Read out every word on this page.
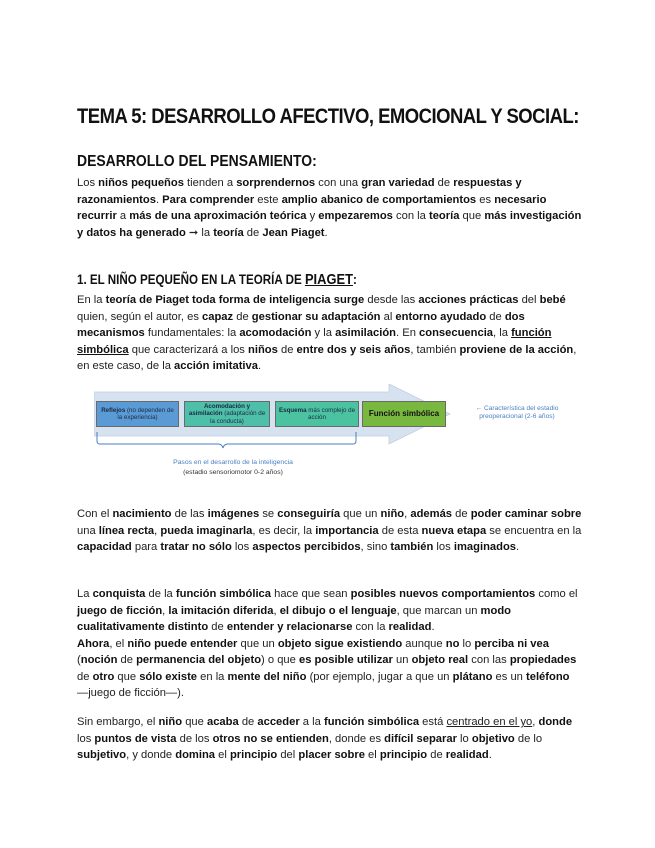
TEMA 5: DESARROLLO AFECTIVO, EMOCIONAL Y SOCIAL:
DESARROLLO DEL PENSAMIENTO:

Los niños pequeños tienden a sorprendernos con una gran variedad de respuestas y razonamientos. Para comprender este amplio abanico de comportamientos es necesario recurrir a más de una aproximación teórica y empezaremos con la teoría que más investigación y datos ha generado ➞ la teoría de Jean Piaget.

1. EL NIÑO PEQUEÑO EN LA TEORÍA DE PIAGET:

En la teoría de Piaget toda forma de inteligencia surge desde las acciones prácticas del bebé quien, según el autor, es capaz de gestionar su adaptación al entorno ayudado de dos mecanismos fundamentales: la acomodación y la asimilación. En consecuencia, la función simbólica que caracterizará a los niños de entre dos y seis años, también proviene de la acción, en este caso, de la acción imitativa.

Con el nacimiento de las imágenes se conseguiría que un niño, además de poder caminar sobre una línea recta, pueda imaginarla, es decir, la importancia de esta nueva etapa se encuentra en la capacidad para tratar no sólo los aspectos percibidos, sino también los imaginados.

La conquista de la función simbólica hace que sean posibles nuevos comportamientos como el juego de ficción, la imitación diferida, el dibujo o el lenguaje, que marcan un modo cualitativamente distinto de entender y relacionarse con la realidad.
Ahora, el niño puede entender que un objeto sigue existiendo aunque no lo perciba ni vea (noción de permanencia del objeto) o que es posible utilizar un objeto real con las propiedades de otro que sólo existe en la mente del niño (por ejemplo, jugar a que un plátano es un teléfono —juego de ficción—).

Sin embargo, el niño que acaba de acceder a la función simbólica está centrado en el yo, donde los puntos de vista de los otros no se entienden, donde es difícil separar lo objetivo de lo subjetivo, y donde domina el principio del placer sobre el principio de realidad.

Reflejos (no dependen de la experiencia)
Acomodación y asimilación (adaptación de la conducta)
Esquema más complejo de acción	Función simbólica
← Característica del estadio preoperacional (2-6 años)
Pasos en el desarrollo de la inteligencia
(estadio sensoriomotor 0-2 años)
